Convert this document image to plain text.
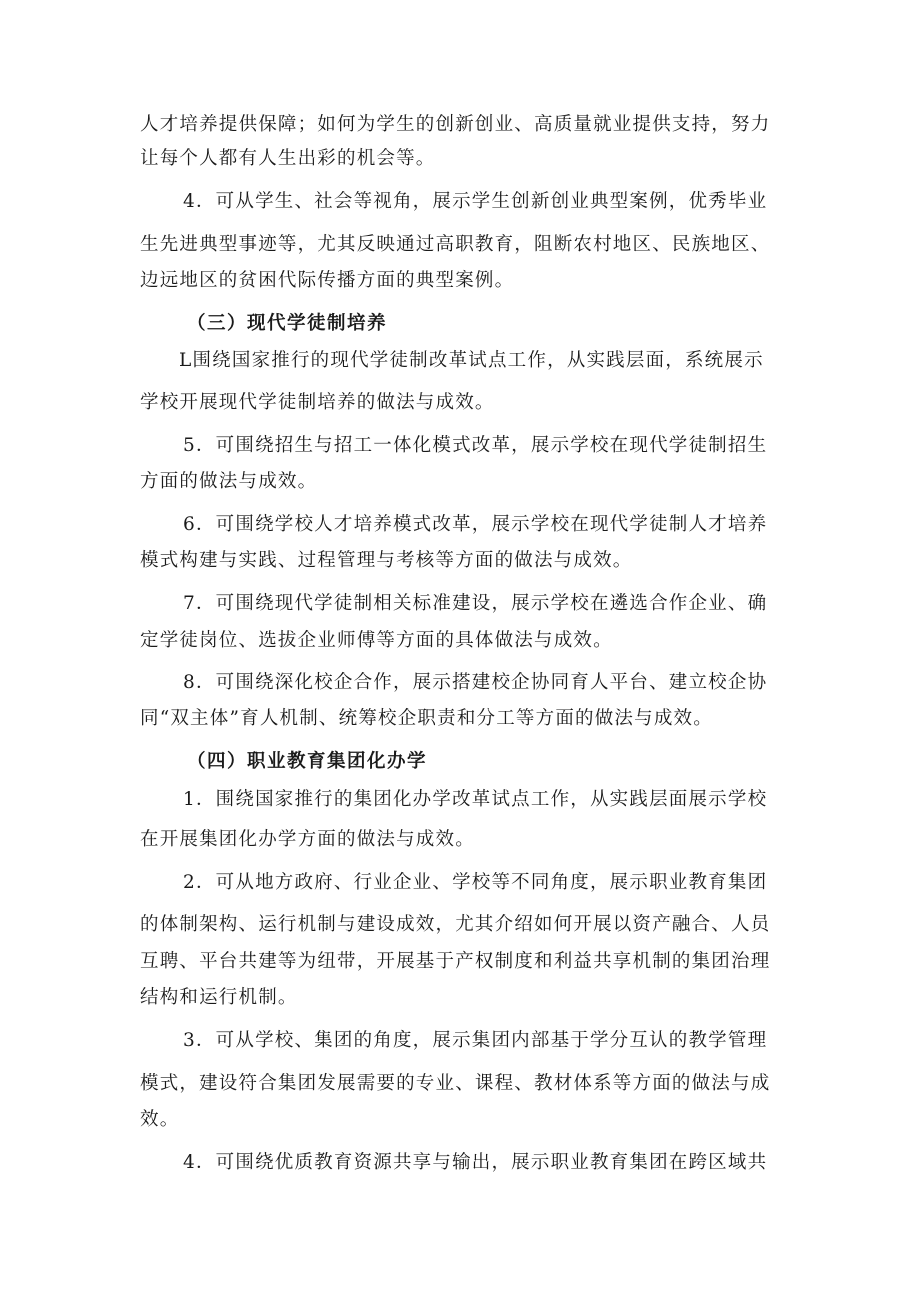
人才培养提供保障；如何为学生的创新创业、高质量就业提供支持，努力

让每个人都有人生出彩的机会等。

4．可从学生、社会等视角，展示学生创新创业典型案例，优秀毕业

生先进典型事迹等，尤其反映通过高职教育，阻断农村地区、民族地区、

边远地区的贫困代际传播方面的典型案例。

（三）现代学徒制培养

L围绕国家推行的现代学徒制改革试点工作，从实践层面，系统展示

学校开展现代学徒制培养的做法与成效。

5．可围绕招生与招工一体化模式改革，展示学校在现代学徒制招生

方面的做法与成效。

6．可围绕学校人才培养模式改革，展示学校在现代学徒制人才培养

模式构建与实践、过程管理与考核等方面的做法与成效。

7．可围绕现代学徒制相关标准建设，展示学校在遴选合作企业、确

定学徒岗位、选拔企业师傅等方面的具体做法与成效。

8．可围绕深化校企合作，展示搭建校企协同育人平台、建立校企协

同“双主体”育人机制、统筹校企职责和分工等方面的做法与成效。

（四）职业教育集团化办学

1．围绕国家推行的集团化办学改革试点工作，从实践层面展示学校

在开展集团化办学方面的做法与成效。

2．可从地方政府、行业企业、学校等不同角度，展示职业教育集团

的体制架构、运行机制与建设成效，尤其介绍如何开展以资产融合、人员

互聘、平台共建等为纽带，开展基于产权制度和利益共享机制的集团治理

结构和运行机制。

3．可从学校、集团的角度，展示集团内部基于学分互认的教学管理

模式，建设符合集团发展需要的专业、课程、教材体系等方面的做法与成

效。

4．可围绕优质教育资源共享与输出，展示职业教育集团在跨区域共
